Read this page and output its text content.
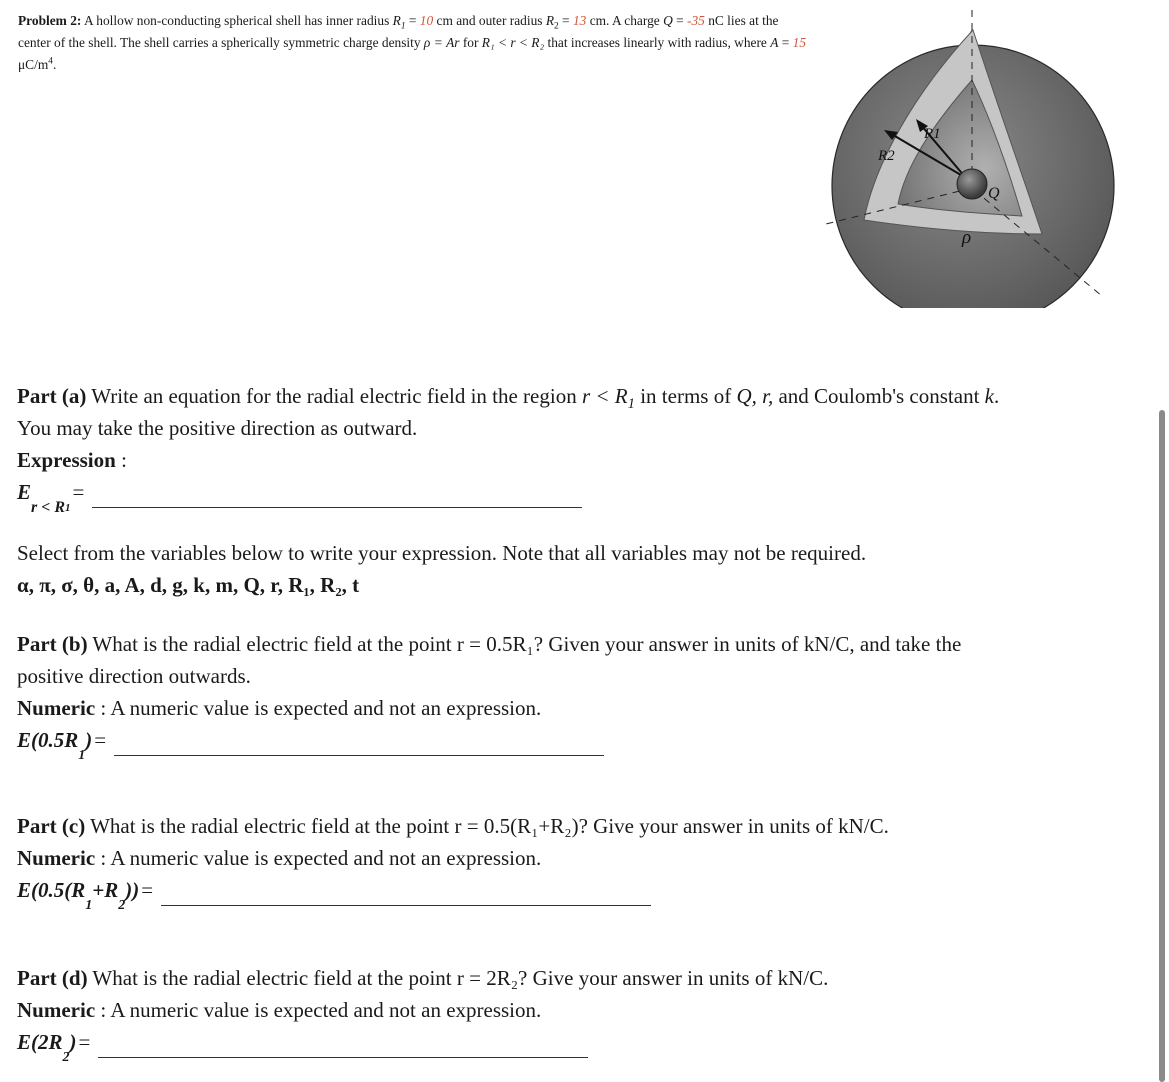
Problem 2: A hollow non-conducting spherical shell has inner radius $R_1 = 10$ cm and outer radius $R_2 = 13$ cm. A charge Q = -35 nC lies at the center of the shell. The shell carries a spherically symmetric charge density ρ = Ar for R₁ < r < R₂ that increases linearly with radius, where A = 15 $\mu C/m^4$.
R1
R2
Q
ρ

Part (a) Write an equation for the radial electric field in the region $r < R_1$ in terms of Q, r, and Coulomb's constant k.

You may take the positive direction as outward.

Expression :

E
r < R 1
=

Select from the variables below to write your expression. Note that all variables may not be required.

α, π, σ, θ, a, A, d, g, k, m, Q, r, R₁, R₂, t

Part (b) What is the radial electric field at the point r = 0.5R₁? Given your answer in units of kN/C, and take the

positive direction outwards.

Numeric : A numeric value is expected and not an expression.

E(0.5R
1
) =

Part (c) What is the radial electric field at the point r = 0.5(R₁+R₂)? Give your answer in units of kN/C.

Numeric : A numeric value is expected and not an expression.

E(0.5(R
1
+R
2
)) =

Part (d) What is the radial electric field at the point r = 2R₂? Give your answer in units of kN/C.

Numeric : A numeric value is expected and not an expression.

E(2R
2
) =
